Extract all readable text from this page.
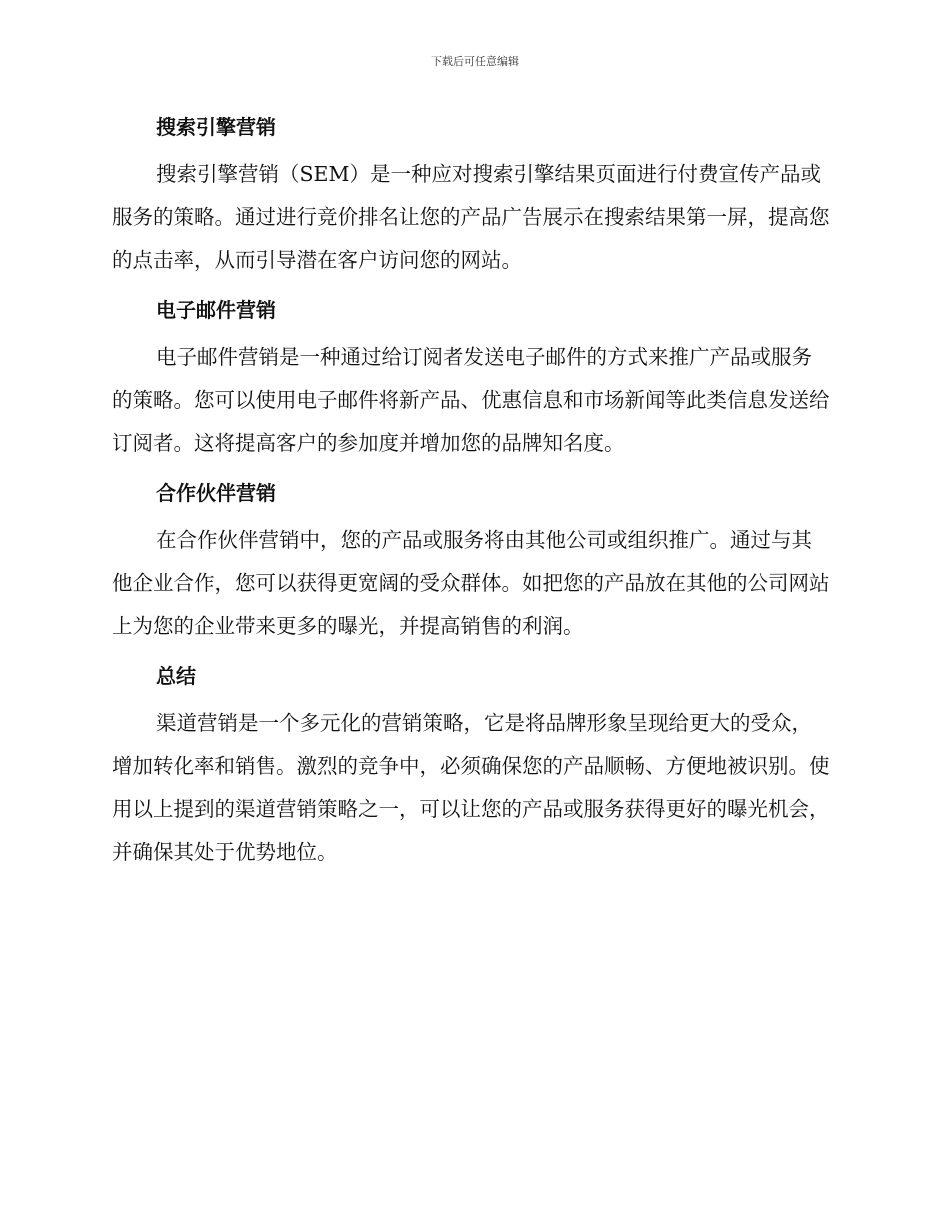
下载后可任意编辑
搜索引擎营销

搜索引擎营销（SEM）是一种应对搜索引擎结果页面进行付费宣传产品或服务的策略。通过进行竞价排名让您的产品广告展示在搜索结果第一屏，提高您的点击率，从而引导潜在客户访问您的网站。

电子邮件营销

电子邮件营销是一种通过给订阅者发送电子邮件的方式来推广产品或服务的策略。您可以使用电子邮件将新产品、优惠信息和市场新闻等此类信息发送给订阅者。这将提高客户的参加度并增加您的品牌知名度。

合作伙伴营销

在合作伙伴营销中，您的产品或服务将由其他公司或组织推广。通过与其他企业合作，您可以获得更宽阔的受众群体。如把您的产品放在其他的公司网站上为您的企业带来更多的曝光，并提高销售的利润。

总结

渠道营销是一个多元化的营销策略，它是将品牌形象呈现给更大的受众，增加转化率和销售。激烈的竞争中，必须确保您的产品顺畅、方便地被识别。使用以上提到的渠道营销策略之一，可以让您的产品或服务获得更好的曝光机会，并确保其处于优势地位。
